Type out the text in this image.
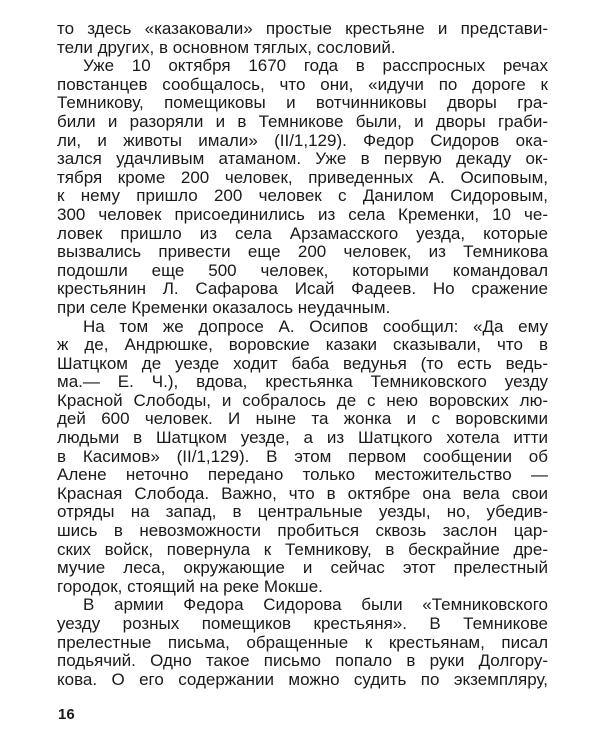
то здесь «казаковали» простые крестьяне и представи-
тели других, в основном тяглых, сословий.
Уже 10 октября 1670 года в расспросных речах
повстанцев сообщалось, что они, «идучи по дороге к
Темникову, помещиковы и вотчинниковы дворы гра-
били и разоряли и в Темникове были, и дворы граби-
ли, и животы имали» (II/1,129). Федор Сидоров ока-
зался удачливым атаманом. Уже в первую декаду ок-
тября кроме 200 человек, приведенных А. Осиповым,
к нему пришло 200 человек с Данилом Сидоровым,
300 человек присоединились из села Кременки, 10 че-
ловек пришло из села Арзамасского уезда, которые
вызвались привести еще 200 человек, из Темникова
подошли еще 500 человек, которыми командовал
крестьянин Л. Сафарова Исай Фадеев. Но сражение
при селе Кременки оказалось неудачным.
На том же допросе А. Осипов сообщил: «Да ему
ж де, Андрюшке, воровские казаки сказывали, что в
Шатцком де уезде ходит баба ведунья (то есть ведь-
ма.— Е. Ч.), вдова, крестьянка Темниковского уезду
Красной Слободы, и собралось де с нею воровских лю-
дей 600 человек. И ныне та жонка и с воровскими
людьми в Шатцком уезде, а из Шатцкого хотела итти
в Касимов» (II/1,129). В этом первом сообщении об
Алене неточно передано только местожительство —
Красная Слобода. Важно, что в октябре она вела свои
отряды на запад, в центральные уезды, но, убедив-
шись в невозможности пробиться сквозь заслон цар-
ских войск, повернула к Темникову, в бескрайние дре-
мучие леса, окружающие и сейчас этот прелестный
городок, стоящий на реке Мокше.
В армии Федора Сидорова были «Темниковского
уезду розных помещиков крестьяня». В Темникове
прелестные письма, обращенные к крестьянам, писал
подьячий. Одно такое письмо попало в руки Долгору-
кова. О его содержании можно судить по экземпляру,
16
